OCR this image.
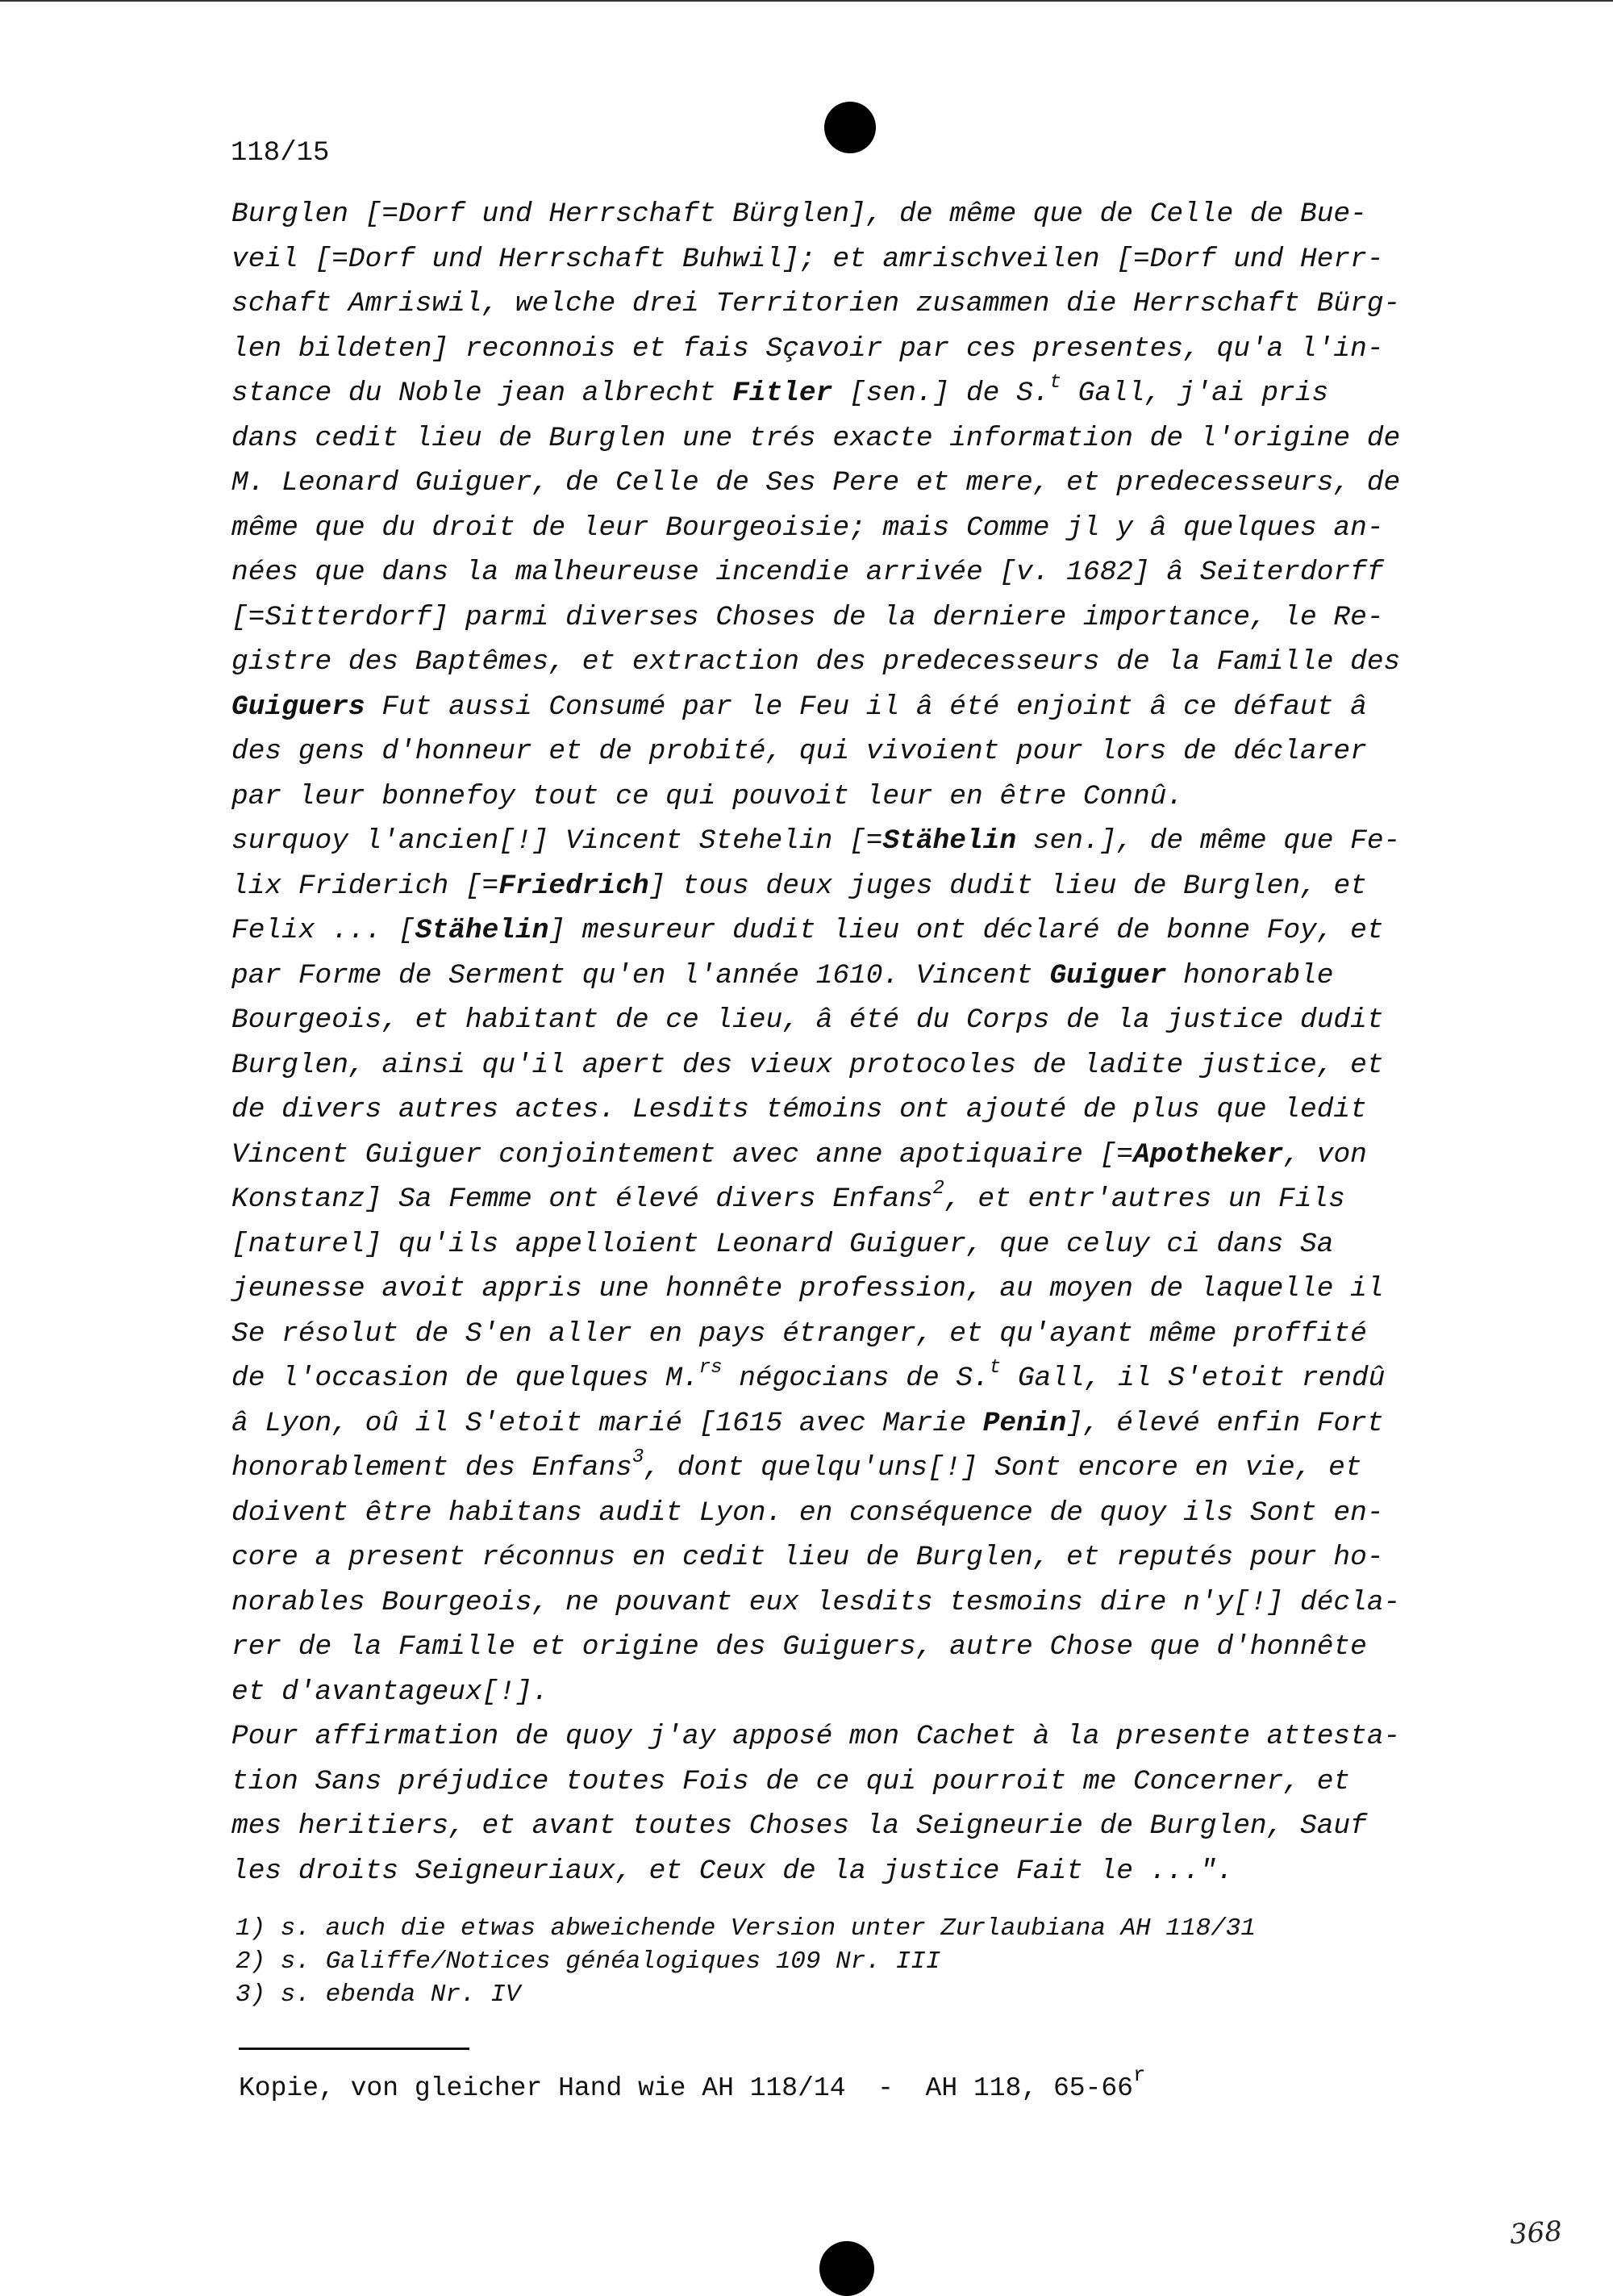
118/15
Burglen [=Dorf und Herrschaft Bürglen], de même que de Celle de Bue-
veil [=Dorf und Herrschaft Buhwil]; et amrischveilen [=Dorf und Herr-
schaft Amriswil, welche drei Territorien zusammen die Herrschaft Bürg-
len bildeten] reconnois et fais Sçavoir par ces presentes, qu'a l'in-
stance du Noble jean albrecht Fitler [sen.] de S.$^t$ Gall, j'ai pris
dans cedit lieu de Burglen une trés exacte information de l'origine de
M. Leonard Guiguer, de Celle de Ses Pere et mere, et predecesseurs, de
même que du droit de leur Bourgeoisie; mais Comme jl y â quelques an-
nées que dans la malheureuse incendie arrivée [v. 1682] â Seiterdorff
[=Sitterdorf] parmi diverses Choses de la derniere importance, le Re-
gistre des Baptêmes, et extraction des predecesseurs de la Famille des
Guiguers Fut aussi Consumé par le Feu il â été enjoint â ce défaut â
des gens d'honneur et de probité, qui vivoient pour lors de déclarer
par leur bonnefoy tout ce qui pouvoit leur en être Connû.
surquoy l'ancien[!] Vincent Stehelin [=Stähelin sen.], de même que Fe-
lix Friderich [=Friedrich] tous deux juges dudit lieu de Burglen, et
Felix ... [Stähelin] mesureur dudit lieu ont déclaré de bonne Foy, et
par Forme de Serment qu'en l'année 1610. Vincent Guiguer honorable
Bourgeois, et habitant de ce lieu, â été du Corps de la justice dudit
Burglen, ainsi qu'il apert des vieux protocoles de ladite justice, et
de divers autres actes. Lesdits témoins ont ajouté de plus que ledit
Vincent Guiguer conjointement avec anne apotiquaire [=Apotheker, von
Konstanz] Sa Femme ont élevé divers Enfans$^2$, et entr'autres un Fils
[naturel] qu'ils appelloient Leonard Guiguer, que celuy ci dans Sa
jeunesse avoit appris une honnête profession, au moyen de laquelle il
Se résolut de S'en aller en pays étranger, et qu'ayant même proffité
de l'occasion de quelques M.$^{rs}$ négocians de S.$^t$ Gall, il S'etoit rendû
â Lyon, oû il S'etoit marié [1615 avec Marie Penin], élevé enfin Fort
honorablement des Enfans$^3$, dont quelqu'uns[!] Sont encore en vie, et
doivent être habitans audit Lyon. en conséquence de quoy ils Sont en-
core a present réconnus en cedit lieu de Burglen, et reputés pour ho-
norables Bourgeois, ne pouvant eux lesdits tesmoins dire n'y[!] décla-
rer de la Famille et origine des Guiguers, autre Chose que d'honnête
et d'avantageux[!].
Pour affirmation de quoy j'ay apposé mon Cachet à la presente attesta-
tion Sans préjudice toutes Fois de ce qui pourroit me Concerner, et
mes heritiers, et avant toutes Choses la Seigneurie de Burglen, Sauf
les droits Seigneuriaux, et Ceux de la justice Fait le ...".
1) s. auch die etwas abweichende Version unter Zurlaubiana AH 118/31
2) s. Galiffe/Notices généalogiques 109 Nr. III
3) s. ebenda Nr. IV
Kopie, von gleicher Hand wie AH 118/14  -  AH 118, 65-66$^r$
368
